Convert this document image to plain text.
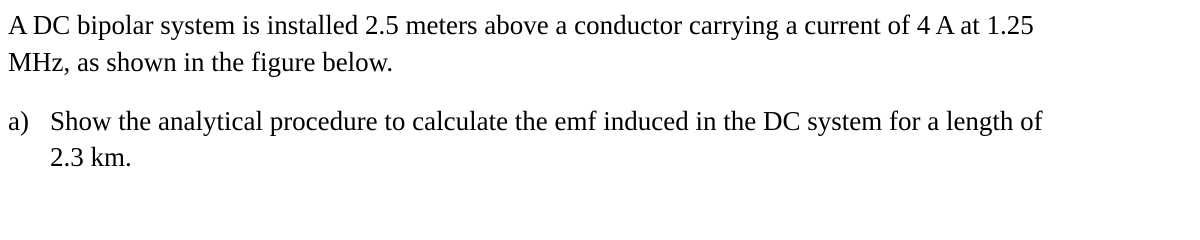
A DC bipolar system is installed 2.5 meters above a conductor carrying a current of 4 A at 1.25

MHz, as shown in the figure below.

a) Show the analytical procedure to calculate the emf induced in the DC system for a length of

2.3 km.
